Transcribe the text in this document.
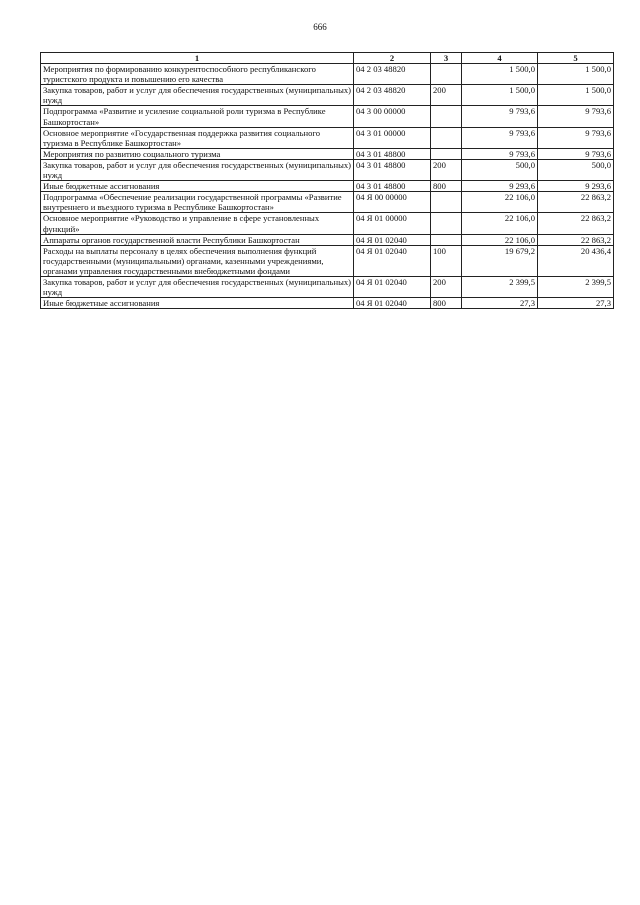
666
1	2	3	4	5
Мероприятия по формированию конкурентоспособного республиканского туристского продукта и повышению его качества	04 2 03 48820		1 500,0	1 500,0
Закупка товаров, работ и услуг для обеспечения государственных (муниципальных) нужд	04 2 03 48820	200	1 500,0	1 500,0
Подпрограмма «Развитие и усиление социальной роли туризма в Республике Башкортостан»	04 3 00 00000		9 793,6	9 793,6
Основное мероприятие «Государственная поддержка развития социального туризма в Республике Башкортостан»	04 3 01 00000		9 793,6	9 793,6
Мероприятия по развитию социального туризма	04 3 01 48800		9 793,6	9 793,6
Закупка товаров, работ и услуг для обеспечения государственных (муниципальных) нужд	04 3 01 48800	200	500,0	500,0
Иные бюджетные ассигнования	04 3 01 48800	800	9 293,6	9 293,6
Подпрограмма «Обеспечение реализации государственной программы «Развитие внутреннего и въездного туризма в Республике Башкортостан»	04 Я 00 00000		22 106,0	22 863,2
Основное мероприятие «Руководство и управление в сфере установленных функций»	04 Я 01 00000		22 106,0	22 863,2
Аппараты органов государственной власти Республики Башкортостан	04 Я 01 02040		22 106,0	22 863,2
Расходы на выплаты персоналу в целях обеспечения выполнения функций государственными (муниципальными) органами, казенными учреждениями, органами управления государственными внебюджетными фондами	04 Я 01 02040	100	19 679,2	20 436,4
Закупка товаров, работ и услуг для обеспечения государственных (муниципальных) нужд	04 Я 01 02040	200	2 399,5	2 399,5
Иные бюджетные ассигнования	04 Я 01 02040	800	27,3	27,3
